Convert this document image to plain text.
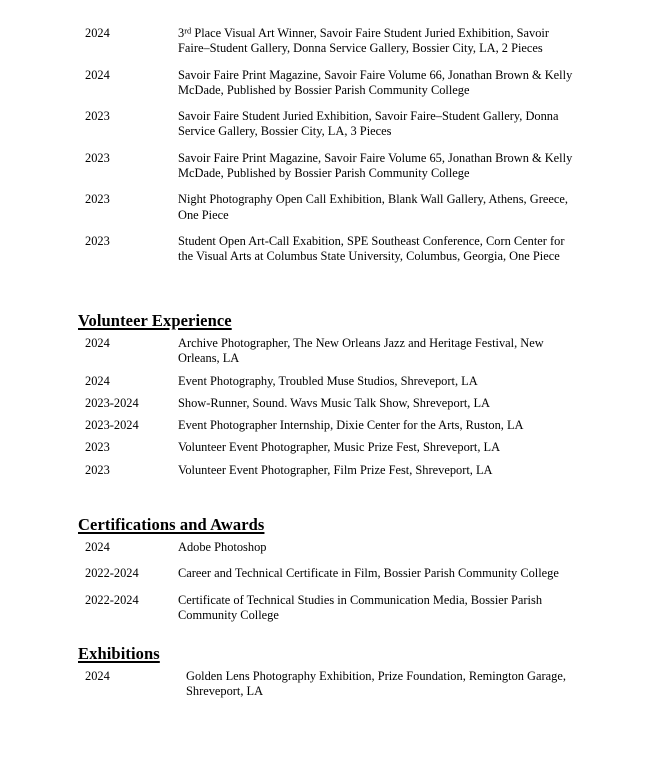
2024	3rd Place Visual Art Winner, Savoir Faire Student Juried Exhibition, Savoir Faire–Student Gallery, Donna Service Gallery, Bossier City, LA, 2 Pieces
2024	Savoir Faire Print Magazine, Savoir Faire Volume 66, Jonathan Brown & Kelly McDade, Published by Bossier Parish Community College
2023	Savoir Faire Student Juried Exhibition, Savoir Faire–Student Gallery, Donna Service Gallery, Bossier City, LA, 3 Pieces
2023	Savoir Faire Print Magazine, Savoir Faire Volume 65, Jonathan Brown & Kelly McDade, Published by Bossier Parish Community College
2023	Night Photography Open Call Exhibition, Blank Wall Gallery, Athens, Greece, One Piece
2023	Student Open Art-Call Exabition, SPE Southeast Conference, Corn Center for the Visual Arts at Columbus State University, Columbus, Georgia, One Piece
Volunteer Experience
2024	Archive Photographer, The New Orleans Jazz and Heritage Festival, New Orleans, LA
2024	Event Photography, Troubled Muse Studios, Shreveport, LA
2023-2024	Show-Runner, Sound. Wavs Music Talk Show, Shreveport, LA
2023-2024	Event Photographer Internship, Dixie Center for the Arts, Ruston, LA
2023	Volunteer Event Photographer, Music Prize Fest, Shreveport, LA
2023	Volunteer Event Photographer, Film Prize Fest, Shreveport, LA
Certifications and Awards
2024	Adobe Photoshop
2022-2024	Career and Technical Certificate in Film, Bossier Parish Community College
2022-2024	Certificate of Technical Studies in Communication Media, Bossier Parish Community College
Exhibitions
2024	Golden Lens Photography Exhibition, Prize Foundation, Remington Garage, Shreveport, LA
